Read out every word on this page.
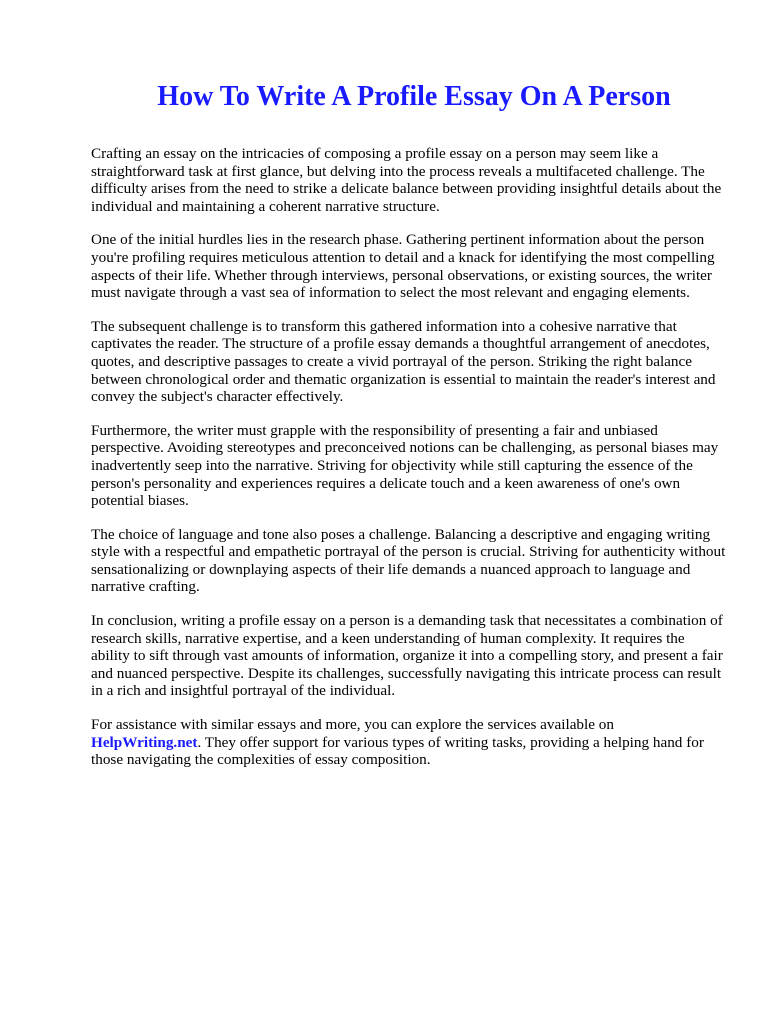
How To Write A Profile Essay On A Person

Crafting an essay on the intricacies of composing a profile essay on a person may seem like a straightforward task at first glance, but delving into the process reveals a multifaceted challenge. The difficulty arises from the need to strike a delicate balance between providing insightful details about the individual and maintaining a coherent narrative structure.

One of the initial hurdles lies in the research phase. Gathering pertinent information about the person you're profiling requires meticulous attention to detail and a knack for identifying the most compelling aspects of their life. Whether through interviews, personal observations, or existing sources, the writer must navigate through a vast sea of information to select the most relevant and engaging elements.

The subsequent challenge is to transform this gathered information into a cohesive narrative that captivates the reader. The structure of a profile essay demands a thoughtful arrangement of anecdotes, quotes, and descriptive passages to create a vivid portrayal of the person. Striking the right balance between chronological order and thematic organization is essential to maintain the reader's interest and convey the subject's character effectively.

Furthermore, the writer must grapple with the responsibility of presenting a fair and unbiased perspective. Avoiding stereotypes and preconceived notions can be challenging, as personal biases may inadvertently seep into the narrative. Striving for objectivity while still capturing the essence of the person's personality and experiences requires a delicate touch and a keen awareness of one's own potential biases.

The choice of language and tone also poses a challenge. Balancing a descriptive and engaging writing style with a respectful and empathetic portrayal of the person is crucial. Striving for authenticity without sensationalizing or downplaying aspects of their life demands a nuanced approach to language and narrative crafting.

In conclusion, writing a profile essay on a person is a demanding task that necessitates a combination of research skills, narrative expertise, and a keen understanding of human complexity. It requires the ability to sift through vast amounts of information, organize it into a compelling story, and present a fair and nuanced perspective. Despite its challenges, successfully navigating this intricate process can result in a rich and insightful portrayal of the individual.

For assistance with similar essays and more, you can explore the services available on HelpWriting.net. They offer support for various types of writing tasks, providing a helping hand for those navigating the complexities of essay composition.
